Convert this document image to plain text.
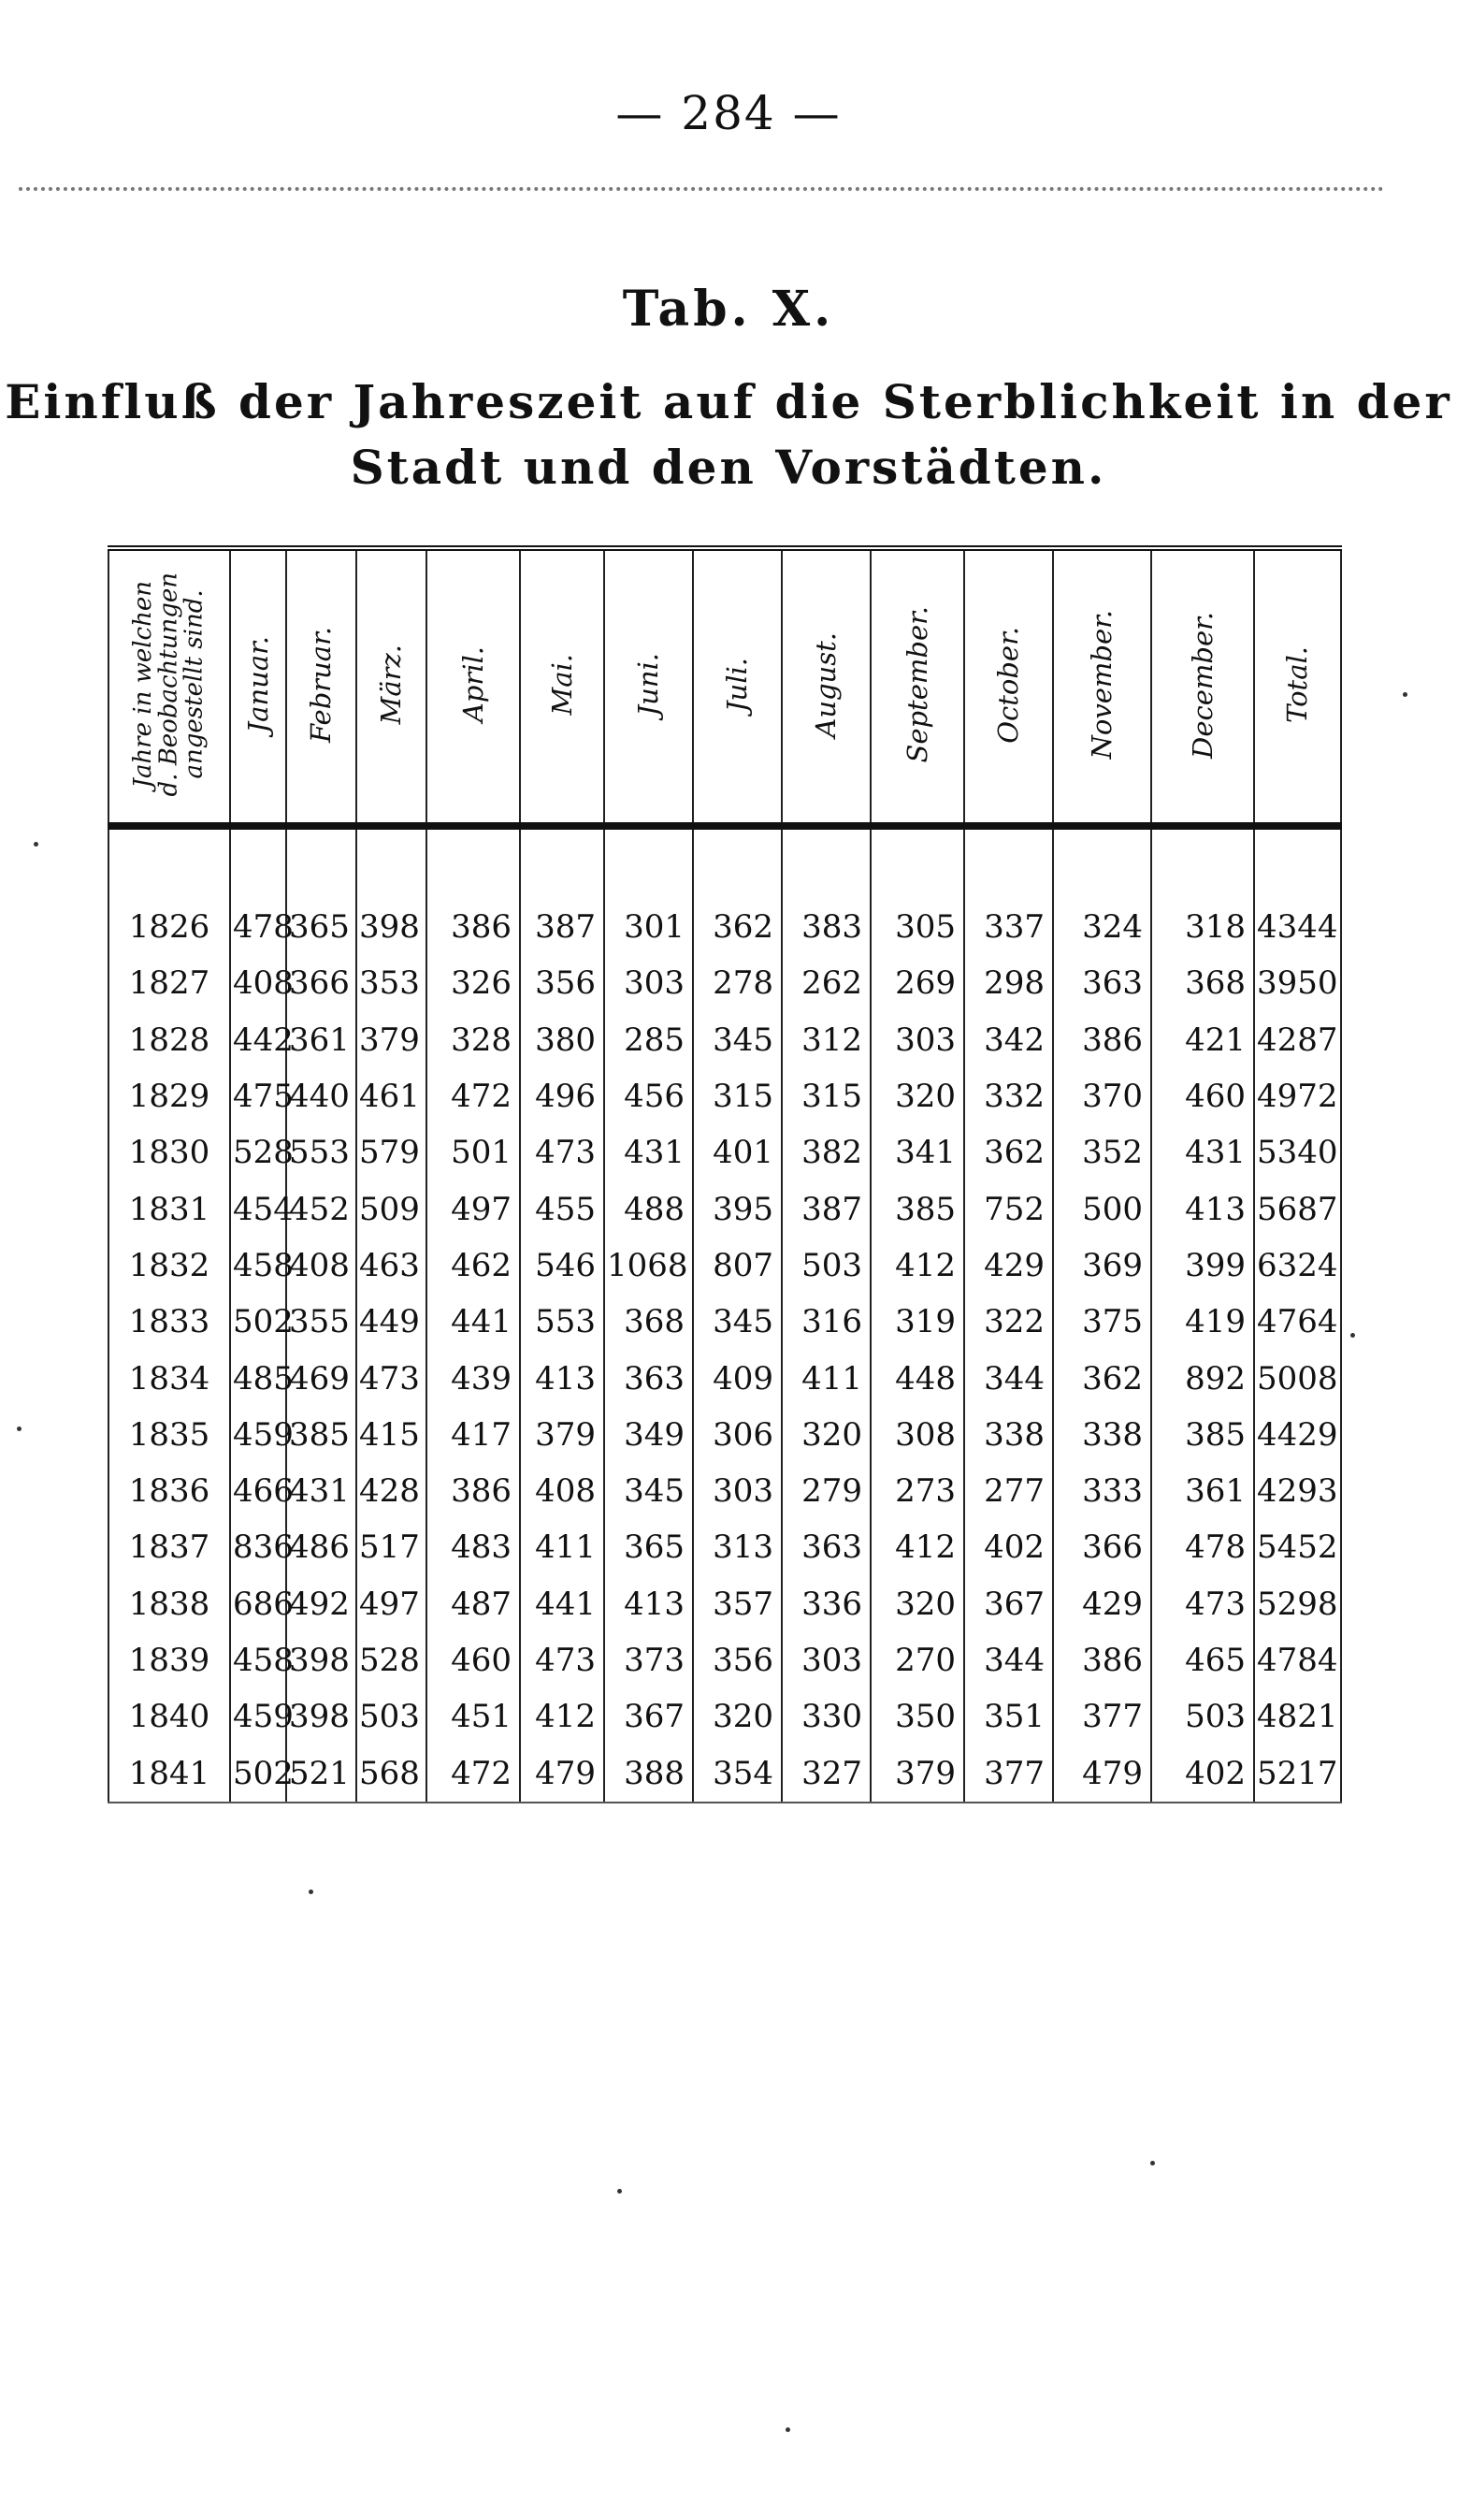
— 284 —
Tab. X.
Einfluß der Jahreszeit auf die Sterblichkeit in der
Stadt und den Vorstädten.
Jahre in welchen
d. Beobachtungen
angestellt sind.	Januar.	Februar.	März.	April.	Mai.	Juni.	Juli.	August.	September.	October.	November.	December.	Total.

1826	478	365	398	386	387	301	362	383	305	337	324	318	4344
1827	408	366	353	326	356	303	278	262	269	298	363	368	3950
1828	442	361	379	328	380	285	345	312	303	342	386	421	4287
1829	475	440	461	472	496	456	315	315	320	332	370	460	4972
1830	528	553	579	501	473	431	401	382	341	362	352	431	5340
1831	454	452	509	497	455	488	395	387	385	752	500	413	5687
1832	458	408	463	462	546	1068	807	503	412	429	369	399	6324
1833	502	355	449	441	553	368	345	316	319	322	375	419	4764
1834	485	469	473	439	413	363	409	411	448	344	362	892	5008
1835	459	385	415	417	379	349	306	320	308	338	338	385	4429
1836	466	431	428	386	408	345	303	279	273	277	333	361	4293
1837	836	486	517	483	411	365	313	363	412	402	366	478	5452
1838	686	492	497	487	441	413	357	336	320	367	429	473	5298
1839	458	398	528	460	473	373	356	303	270	344	386	465	4784
1840	459	398	503	451	412	367	320	330	350	351	377	503	4821
1841	502	521	568	472	479	388	354	327	379	377	479	402	5217
